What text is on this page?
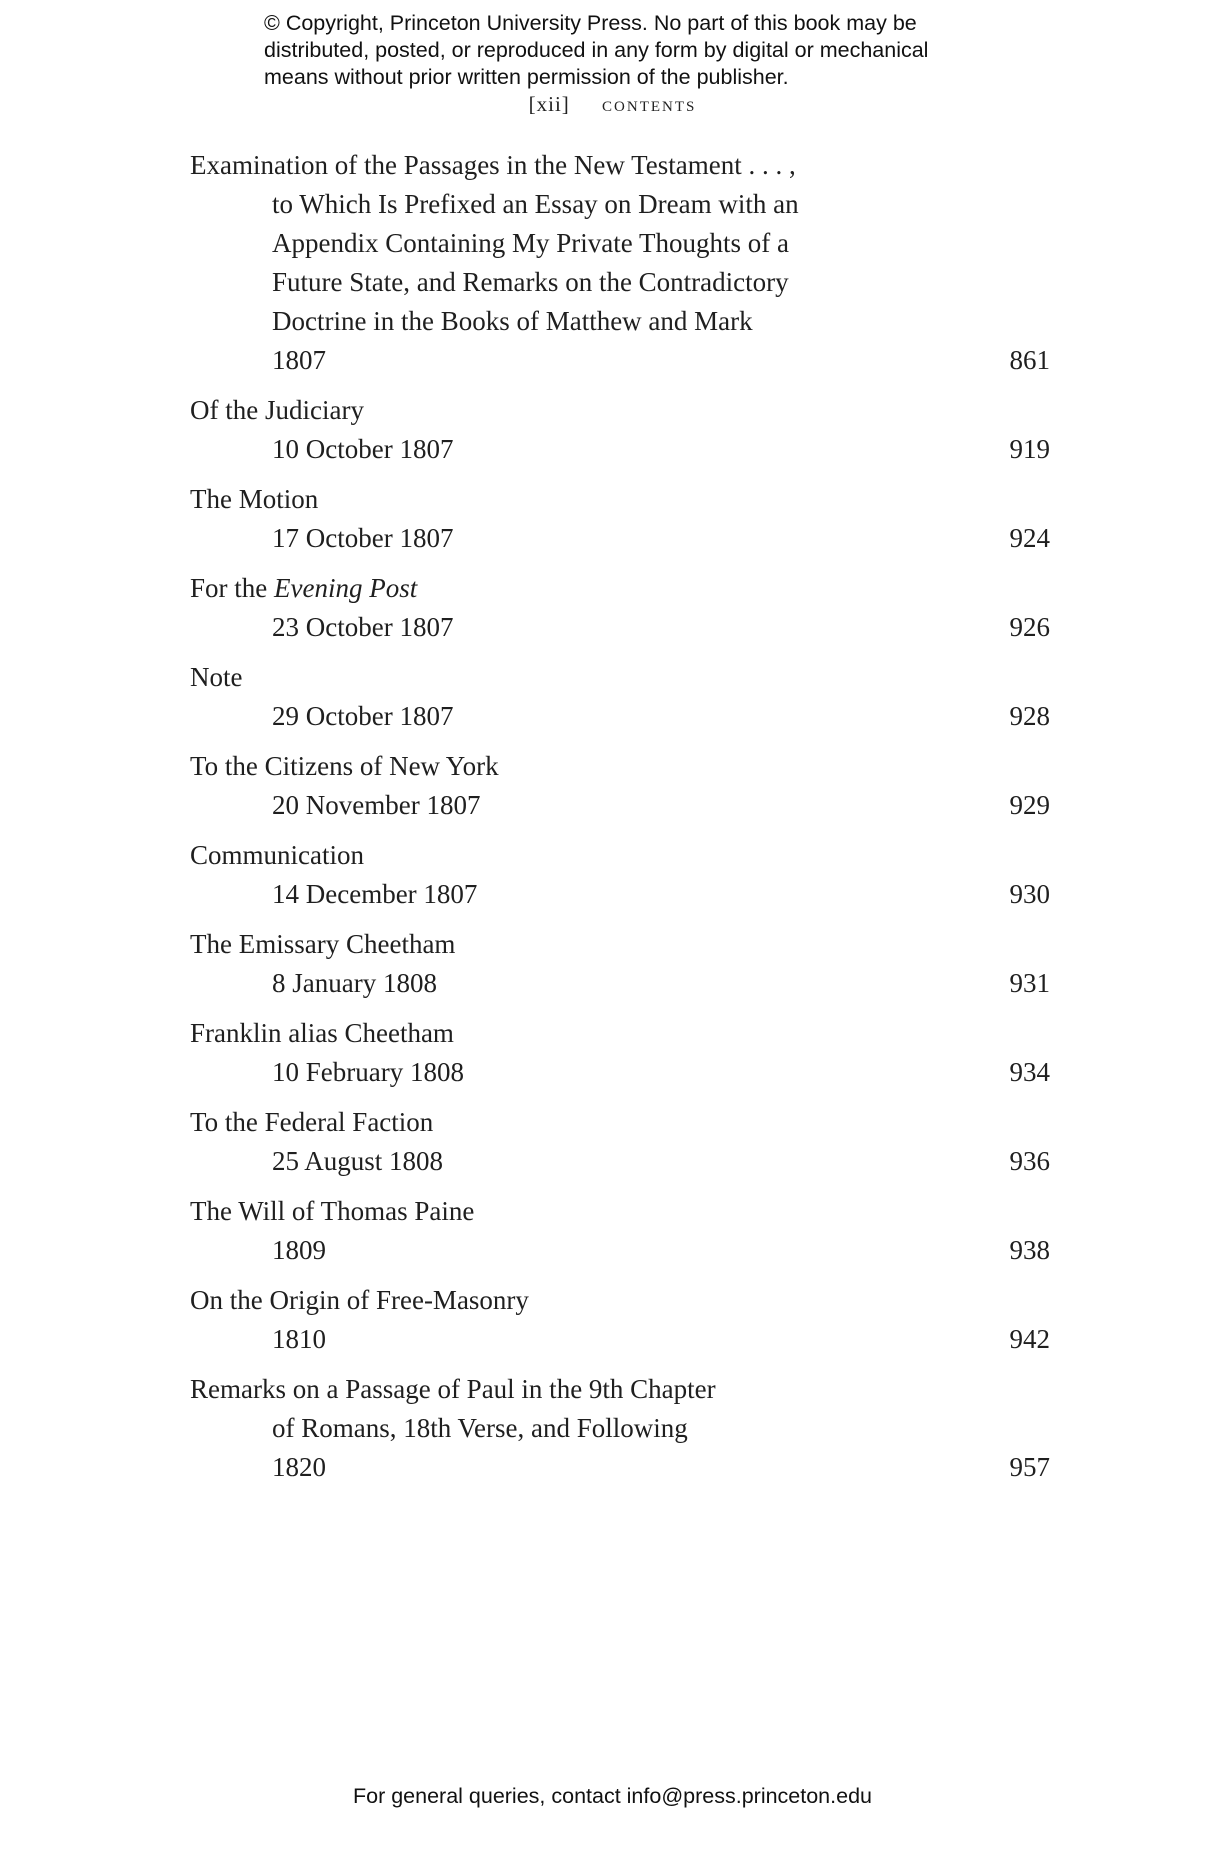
© Copyright, Princeton University Press. No part of this book may be
distributed, posted, or reproduced in any form by digital or mechanical
means without prior written permission of the publisher.
[xii] contents
Examination of the Passages in the New Testament . . . ,
to Which Is Prefixed an Essay on Dream with an
Appendix Containing My Private Thoughts of a
Future State, and Remarks on the Contradictory
Doctrine in the Books of Matthew and Mark
1807	861
Of the Judiciary
10 October 1807	919
The Motion
17 October 1807	924
For the Evening Post
23 October 1807	926
Note
29 October 1807	928
To the Citizens of New York
20 November 1807	929
Communication
14 December 1807	930
The Emissary Cheetham
8 January 1808	931
Franklin alias Cheetham
10 February 1808	934
To the Federal Faction
25 August 1808	936
The Will of Thomas Paine
1809	938
On the Origin of Free-Masonry
1810	942
Remarks on a Passage of Paul in the 9th Chapter
of Romans, 18th Verse, and Following
1820	957
For general queries, contact info@press.princeton.edu
